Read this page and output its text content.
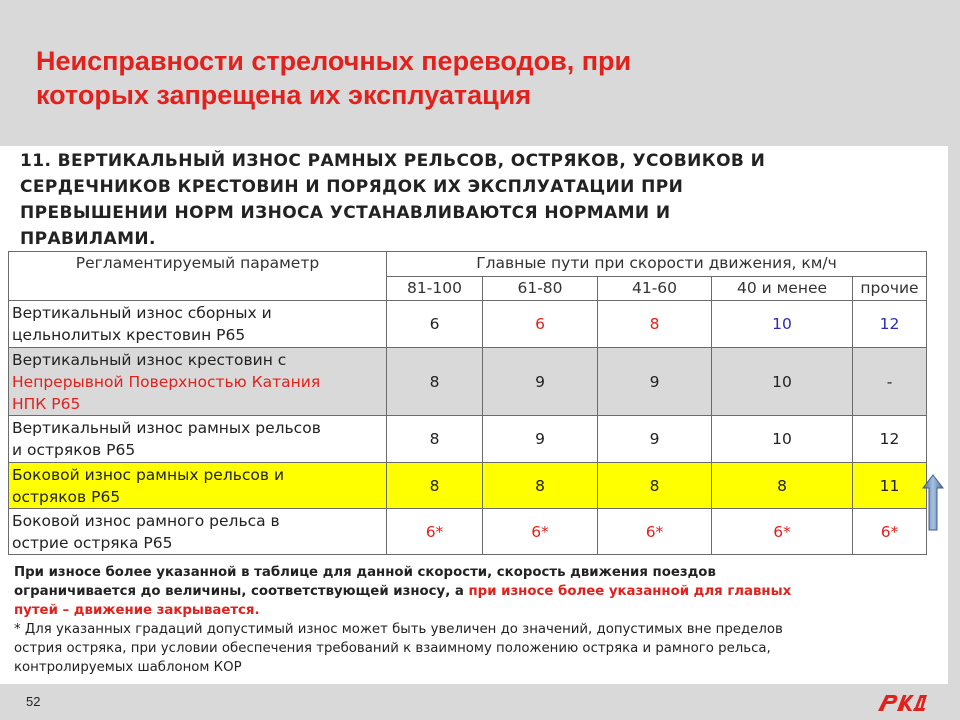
Неисправности стрелочных переводов, при
которых запрещена их эксплуатация

11. ВЕРТИКАЛЬНЫЙ ИЗНОС РАМНЫХ РЕЛЬСОВ, ОСТРЯКОВ, УСОВИКОВ И
СЕРДЕЧНИКОВ КРЕСТОВИН И ПОРЯДОК ИХ ЭКСПЛУАТАЦИИ ПРИ
ПРЕВЫШЕНИИ НОРМ ИЗНОСА УСТАНАВЛИВАЮТСЯ НОРМАМИ И
ПРАВИЛАМИ.

Регламентируемый параметр	Главные пути при скорости движения, км/ч				
	81-100	61-80	41-60	40 и менее	прочие
Вертикальный износ сборных и
цельнолитых крестовин Р65	6	6	8	10	12
Вертикальный износ крестовин с
Непрерывной Поверхностью Катания
НПК Р65	8	9	9	10	-
Вертикальный износ рамных рельсов
и остряков Р65	8	9	9	10	12
Боковой износ рамных рельсов и
остряков Р65	8	8	8	8	11
Боковой износ рамного рельса в
острие остряка Р65	6*	6*	6*	6*	6*

При износе более указанной в таблице для данной скорости, скорость движения поездов
ограничивается до величины, соответствующей износу, а при износе более указанной для главных
путей – движение закрывается.

* Для указанных градаций допустимый износ может быть увеличен до значений, допустимых вне пределов
острия остряка, при условии обеспечения требований к взаимному положению остряка и рамного рельса,
контролируемых шаблоном КОР

52
